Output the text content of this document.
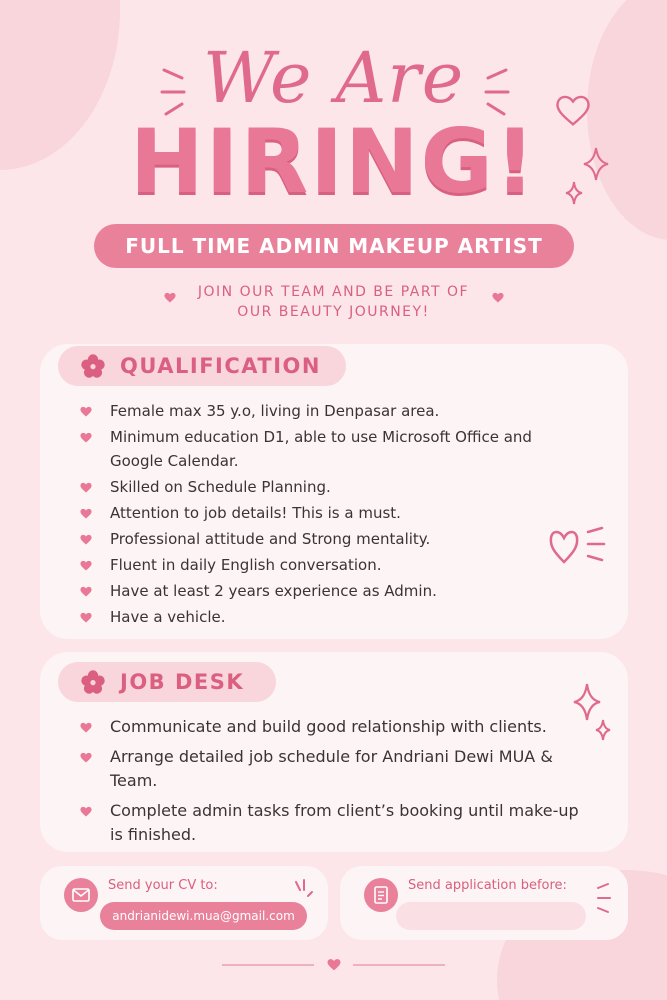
We Are
HIRING!
FULL TIME ADMIN MAKEUP ARTIST
JOIN OUR TEAM AND BE PART OF
OUR BEAUTY JOURNEY!
QUALIFICATION
Female max 35 y.o, living in Denpasar area.
Minimum education D1, able to use Microsoft Office and Google Calendar.
Skilled on Schedule Planning.
Attention to job details! This is a must.
Professional attitude and Strong mentality.
Fluent in daily English conversation.
Have at least 2 years experience as Admin.
Have a vehicle.
JOB DESK
Communicate and build good relationship with clients.
Arrange detailed job schedule for Andriani Dewi MUA & Team.
Complete admin tasks from client’s booking until make-up is finished.
Send your CV to:
andrianidewi.mua@gmail.com
Send application before:
